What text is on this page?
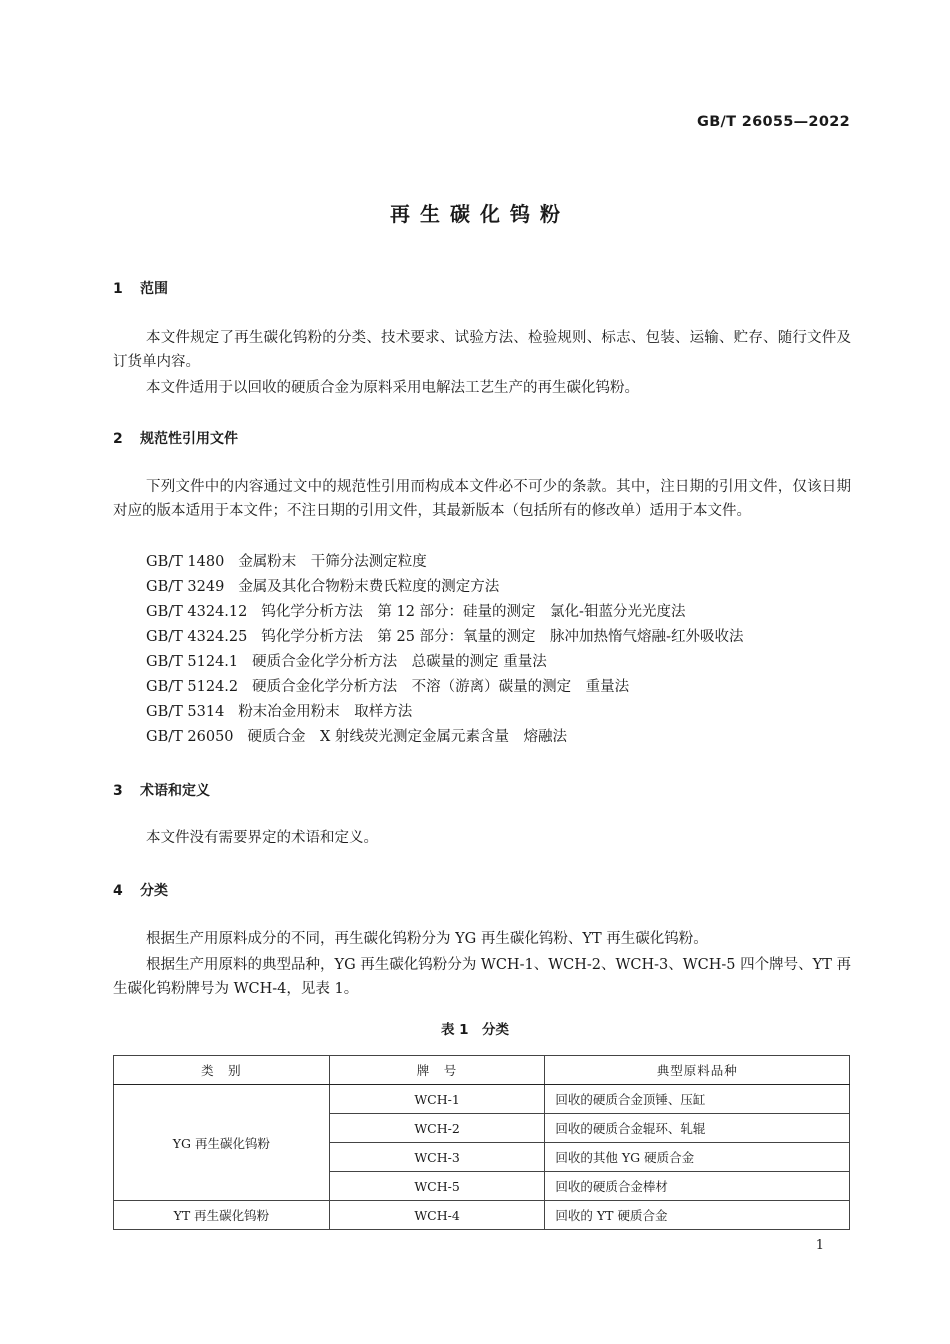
GB/T 26055—2022
再生碳化钨粉
1 范围
本文件规定了再生碳化钨粉的分类、技术要求、试验方法、检验规则、标志、包装、运输、贮存、随行文件及订货单内容。
本文件适用于以回收的硬质合金为原料采用电解法工艺生产的再生碳化钨粉。
2 规范性引用文件
下列文件中的内容通过文中的规范性引用而构成本文件必不可少的条款。其中，注日期的引用文件，仅该日期对应的版本适用于本文件；不注日期的引用文件，其最新版本（包括所有的修改单）适用于本文件。
GB/T 1480 金属粉末　干筛分法测定粒度
GB/T 3249 金属及其化合物粉末费氏粒度的测定方法
GB/T 4324.12 钨化学分析方法　第 12 部分：硅量的测定　氯化-钼蓝分光光度法
GB/T 4324.25 钨化学分析方法　第 25 部分：氧量的测定　脉冲加热惰气熔融-红外吸收法
GB/T 5124.1 硬质合金化学分析方法　总碳量的测定 重量法
GB/T 5124.2 硬质合金化学分析方法　不溶（游离）碳量的测定　重量法
GB/T 5314 粉末冶金用粉末　取样方法
GB/T 26050 硬质合金　X 射线荧光测定金属元素含量　熔融法
3 术语和定义
本文件没有需要界定的术语和定义。
4 分类
根据生产用原料成分的不同，再生碳化钨粉分为 YG 再生碳化钨粉、YT 再生碳化钨粉。
根据生产用原料的典型品种，YG 再生碳化钨粉分为 WCH-1、WCH-2、WCH-3、WCH-5 四个牌号、YT 再生碳化钨粉牌号为 WCH-4，见表 1。
表 1　分类
类　别	牌　号	典型原料品种
YG 再生碳化钨粉	WCH-1	回收的硬质合金顶锤、压缸
	WCH-2	回收的硬质合金辊环、轧辊
	WCH-3	回收的其他 YG 硬质合金
	WCH-5	回收的硬质合金棒材
YT 再生碳化钨粉	WCH-4	回收的 YT 硬质合金
1
